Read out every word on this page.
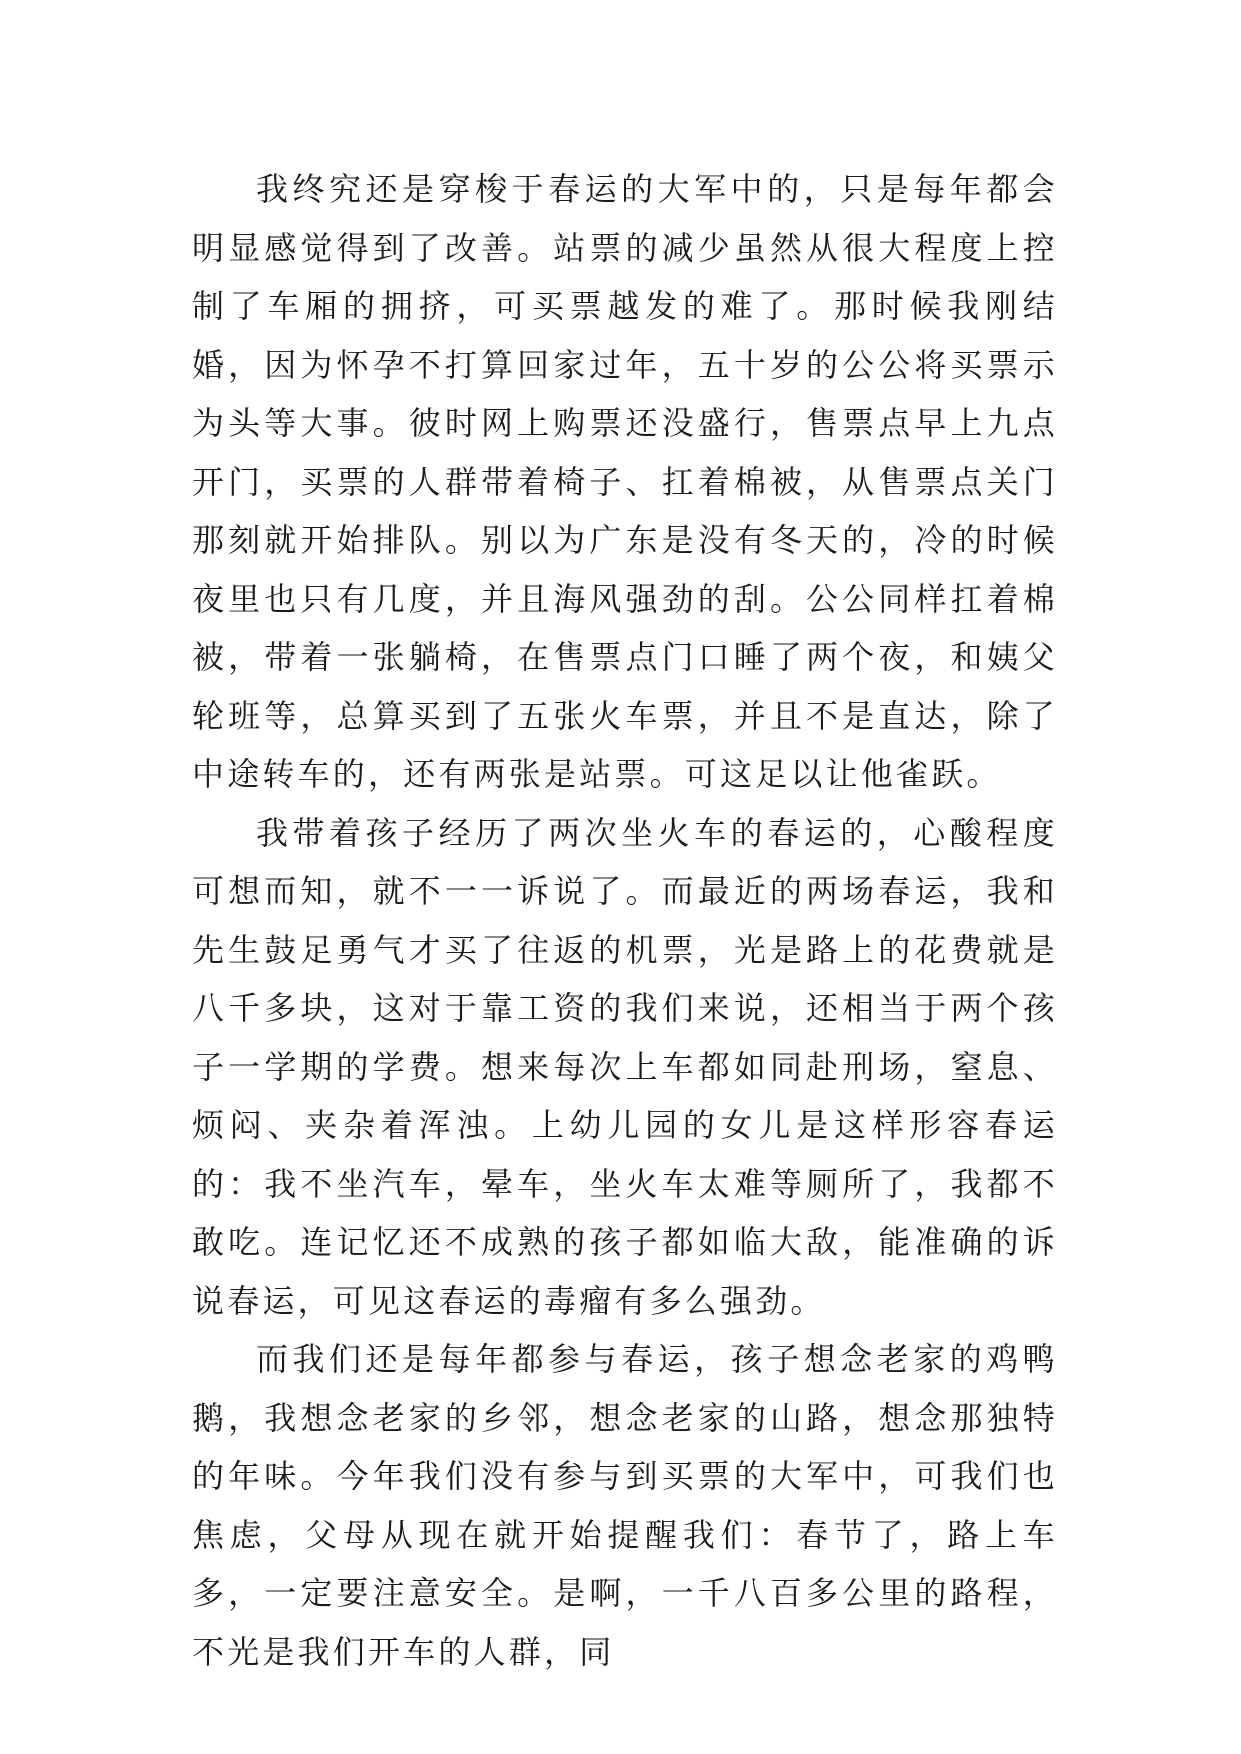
我终究还是穿梭于春运的大军中的，只是每年都会明显感觉得到了改善。站票的减少虽然从很大程度上控制了车厢的拥挤，可买票越发的难了。那时候我刚结婚，因为怀孕不打算回家过年，五十岁的公公将买票示为头等大事。彼时网上购票还没盛行，售票点早上九点开门，买票的人群带着椅子、扛着棉被，从售票点关门那刻就开始排队。别以为广东是没有冬天的，冷的时候夜里也只有几度，并且海风强劲的刮。公公同样扛着棉被，带着一张躺椅，在售票点门口睡了两个夜，和姨父轮班等，总算买到了五张火车票，并且不是直达，除了中途转车的，还有两张是站票。可这足以让他雀跃。

我带着孩子经历了两次坐火车的春运的，心酸程度可想而知，就不一一诉说了。而最近的两场春运，我和先生鼓足勇气才买了往返的机票，光是路上的花费就是八千多块，这对于靠工资的我们来说，还相当于两个孩子一学期的学费。想来每次上车都如同赴刑场，窒息、烦闷、夹杂着浑浊。上幼儿园的女儿是这样形容春运的：我不坐汽车，晕车，坐火车太难等厕所了，我都不敢吃。连记忆还不成熟的孩子都如临大敌，能准确的诉说春运，可见这春运的毒瘤有多么强劲。

而我们还是每年都参与春运，孩子想念老家的鸡鸭鹅，我想念老家的乡邻，想念老家的山路，想念那独特的年味。今年我们没有参与到买票的大军中，可我们也焦虑，父母从现在就开始提醒我们：春节了，路上车多，一定要注意安全。是啊，一千八百多公里的路程，不光是我们开车的人群，同
